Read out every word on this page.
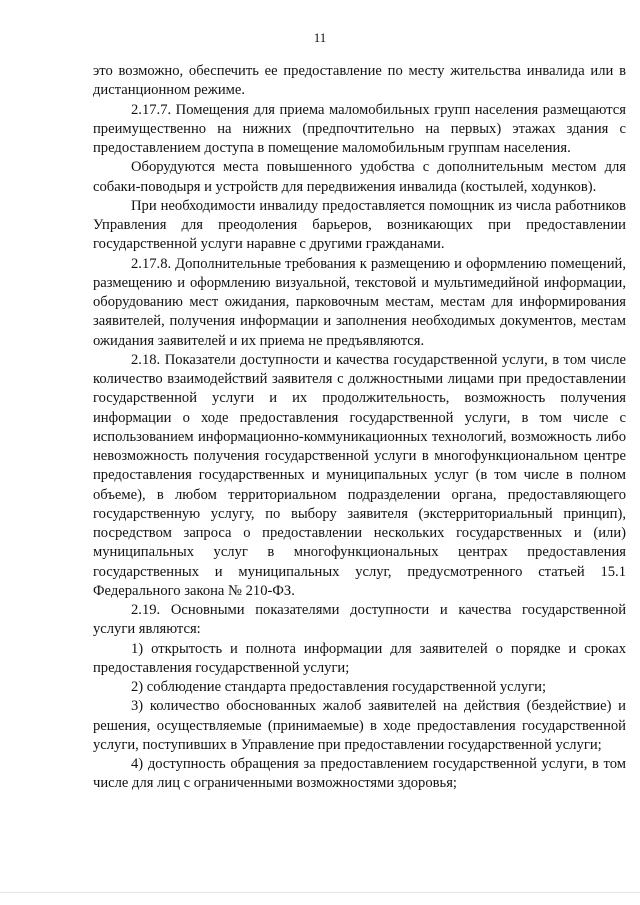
11

это возможно, обеспечить ее предоставление по месту жительства инвалида или в дистанционном режиме.

2.17.7. Помещения для приема маломобильных групп населения размещаются преимущественно на нижних (предпочтительно на первых) этажах здания с предоставлением доступа в помещение маломобильным группам населения.

Оборудуются места повышенного удобства с дополнительным местом для собаки-поводыря и устройств для передвижения инвалида (костылей, ходунков).

При необходимости инвалиду предоставляется помощник из числа работников Управления для преодоления барьеров, возникающих при предоставлении государственной услуги наравне с другими гражданами.

2.17.8. Дополнительные требования к размещению и оформлению помещений, размещению и оформлению визуальной, текстовой и мультимедийной информации, оборудованию мест ожидания, парковочным местам, местам для информирования заявителей, получения информации и заполнения необходимых документов, местам ожидания заявителей и их приема не предъявляются.

2.18. Показатели доступности и качества государственной услуги, в том числе количество взаимодействий заявителя с должностными лицами при предоставлении государственной услуги и их продолжительность, возможность получения информации о ходе предоставления государственной услуги, в том числе с использованием информационно-коммуникационных технологий, возможность либо невозможность получения государственной услуги в многофункциональном центре предоставления государственных и муниципальных услуг (в том числе в полном объеме), в любом территориальном подразделении органа, предоставляющего государственную услугу, по выбору заявителя (экстерриториальный принцип), посредством запроса о предоставлении нескольких государственных и (или) муниципальных услуг в многофункциональных центрах предоставления государственных и муниципальных услуг, предусмотренного статьей 15.1 Федерального закона № 210-ФЗ.

2.19. Основными показателями доступности и качества государственной услуги являются:

1) открытость и полнота информации для заявителей о порядке и сроках предоставления государственной услуги;

2) соблюдение стандарта предоставления государственной услуги;

3) количество обоснованных жалоб заявителей на действия (бездействие) и решения, осуществляемые (принимаемые) в ходе предоставления государственной услуги, поступивших в Управление при предоставлении государственной услуги;

4) доступность обращения за предоставлением государственной услуги, в том числе для лиц с ограниченными возможностями здоровья;
